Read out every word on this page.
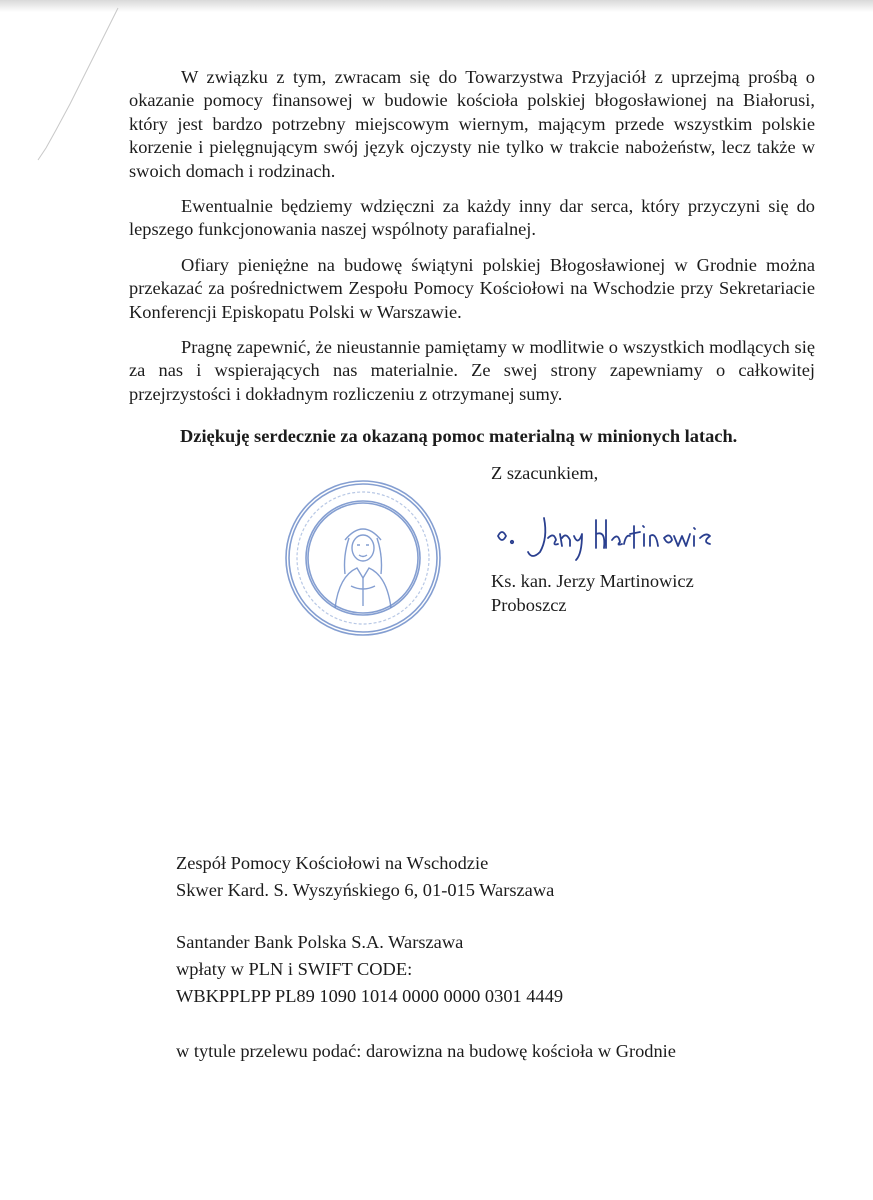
W związku z tym, zwracam się do Towarzystwa Przyjaciół z uprzejmą prośbą o okazanie pomocy finansowej w budowie kościoła polskiej błogosławionej na Białorusi, który jest bardzo potrzebny miejscowym wiernym, mającym przede wszystkim polskie korzenie i pielęgnującym swój język ojczysty nie tylko w trakcie nabożeństw, lecz także w swoich domach i rodzinach.

Ewentualnie będziemy wdzięczni za każdy inny dar serca, który przyczyni się do lepszego funkcjonowania naszej wspólnoty parafialnej.

Ofiary pieniężne na budowę świątyni polskiej Błogosławionej w Grodnie można przekazać za pośrednictwem Zespołu Pomocy Kościołowi na Wschodzie przy Sekretariacie Konferencji Episkopatu Polski w Warszawie.

Pragnę zapewnić, że nieustannie pamiętamy w modlitwie o wszystkich modlących się za nas i wspierających nas materialnie. Ze swej strony zapewniamy o całkowitej przejrzystości i dokładnym rozliczeniu z otrzymanej sumy.

Dziękuję serdecznie za okazaną pomoc materialną w minionych latach.
Z szacunkiem,
Ks. kan. Jerzy Martinowicz
Proboszcz
Zespół Pomocy Kościołowi na Wschodzie
Skwer Kard. S. Wyszyńskiego 6, 01-015 Warszawa
Santander Bank Polska S.A. Warszawa
wpłaty w PLN i SWIFT CODE:
WBKPPLPP PL89 1090 1014 0000 0000 0301 4449
w tytule przelewu podać: darowizna na budowę kościoła w Grodnie
